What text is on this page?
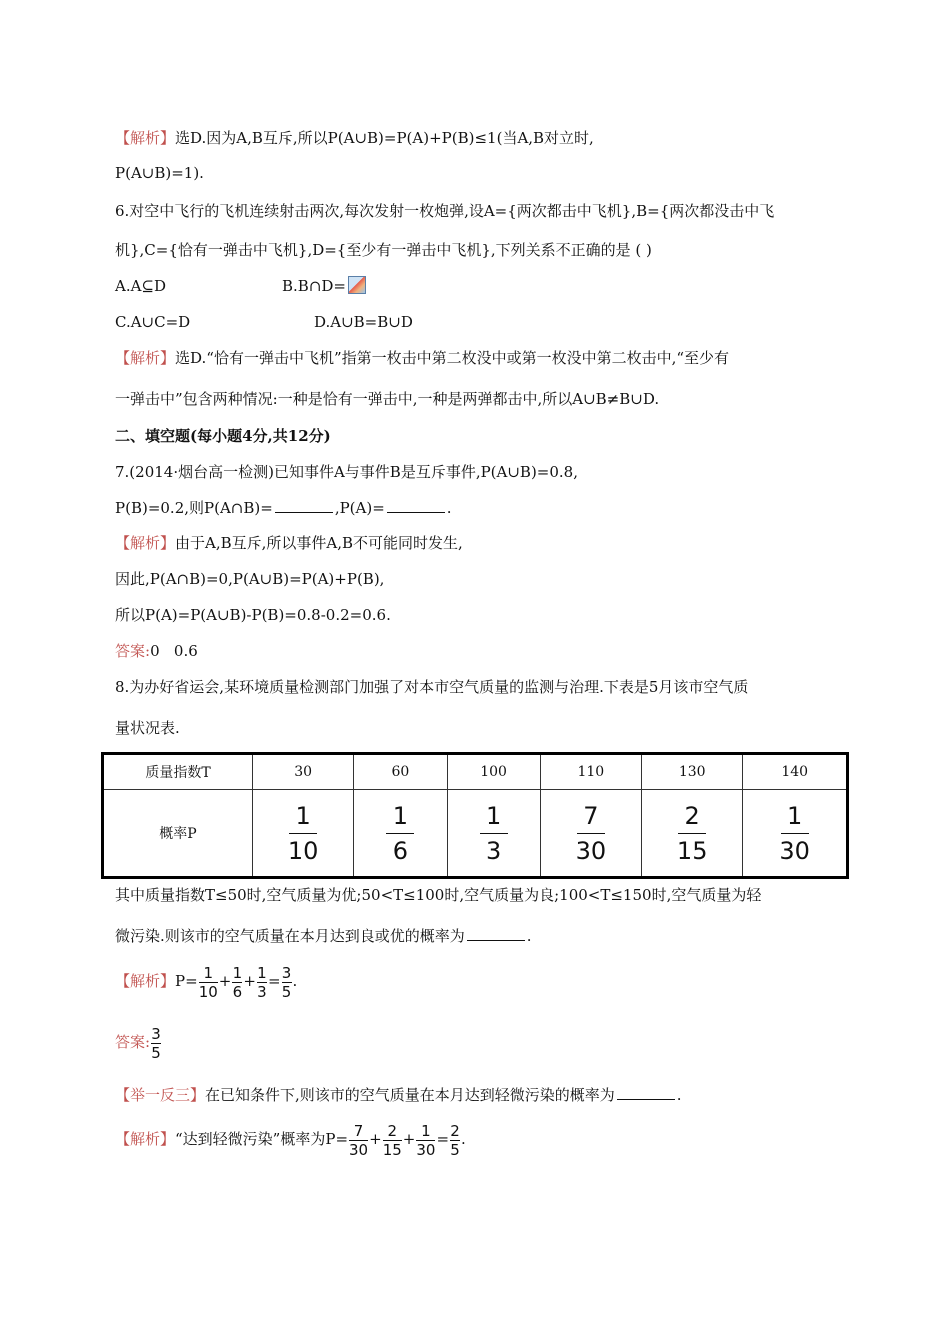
【解析】选D.因为A,B互斥,所以P(A∪B)=P(A)+P(B)≤1(当A,B对立时,
P(A∪B)=1).
6.对空中飞行的飞机连续射击两次,每次发射一枚炮弹,设A={两次都击中飞机},B={两次都没击中飞
机},C={恰有一弹击中飞机},D={至少有一弹击中飞机},下列关系不正确的是 ( )
A.A⊆D	B.B∩D=
C.A∪C=D	D.A∪B=B∪D
【解析】选D.“恰有一弹击中飞机”指第一枚击中第二枚没中或第一枚没中第二枚击中,“至少有
一弹击中”包含两种情况:一种是恰有一弹击中,一种是两弹都击中,所以A∪B≠B∪D.
二、填空题(每小题4分,共12分)
7.(2014·烟台高一检测)已知事件A与事件B是互斥事件,P(A∪B)=0.8,
P(B)=0.2,则P(A∩B)=	,P(A)=	.
【解析】由于A,B互斥,所以事件A,B不可能同时发生,
因此,P(A∩B)=0,P(A∪B)=P(A)+P(B),
所以P(A)=P(A∪B)-P(B)=0.8-0.2=0.6.
答案:0   0.6
8.为办好省运会,某环境质量检测部门加强了对本市空气质量的监测与治理.下表是5月该市空气质
量状况表.
质量指数T	30	60	100	110	130	140
概率P	$\frac{1}{10}$	$\frac{1}{6}$	$\frac{1}{3}$	$\frac{7}{30}$	$\frac{2}{15}$	$\frac{1}{30}$
其中质量指数T≤50时,空气质量为优;50<T≤100时,空气质量为良;100<T≤150时,空气质量为轻
微污染.则该市的空气质量在本月达到良或优的概率为	.
【解析】$P= \frac{1}{10} + \frac{1}{6} + \frac{1}{3} = \frac{3}{5}$ .
答案: $\frac{3}{5}$
【举一反三】在已知条件下,则该市的空气质量在本月达到轻微污染的概率为	.
【解析】“达到轻微污染”概率为$P= \frac{7}{30} + \frac{2}{15} + \frac{1}{30} = \frac{2}{5}$ .
